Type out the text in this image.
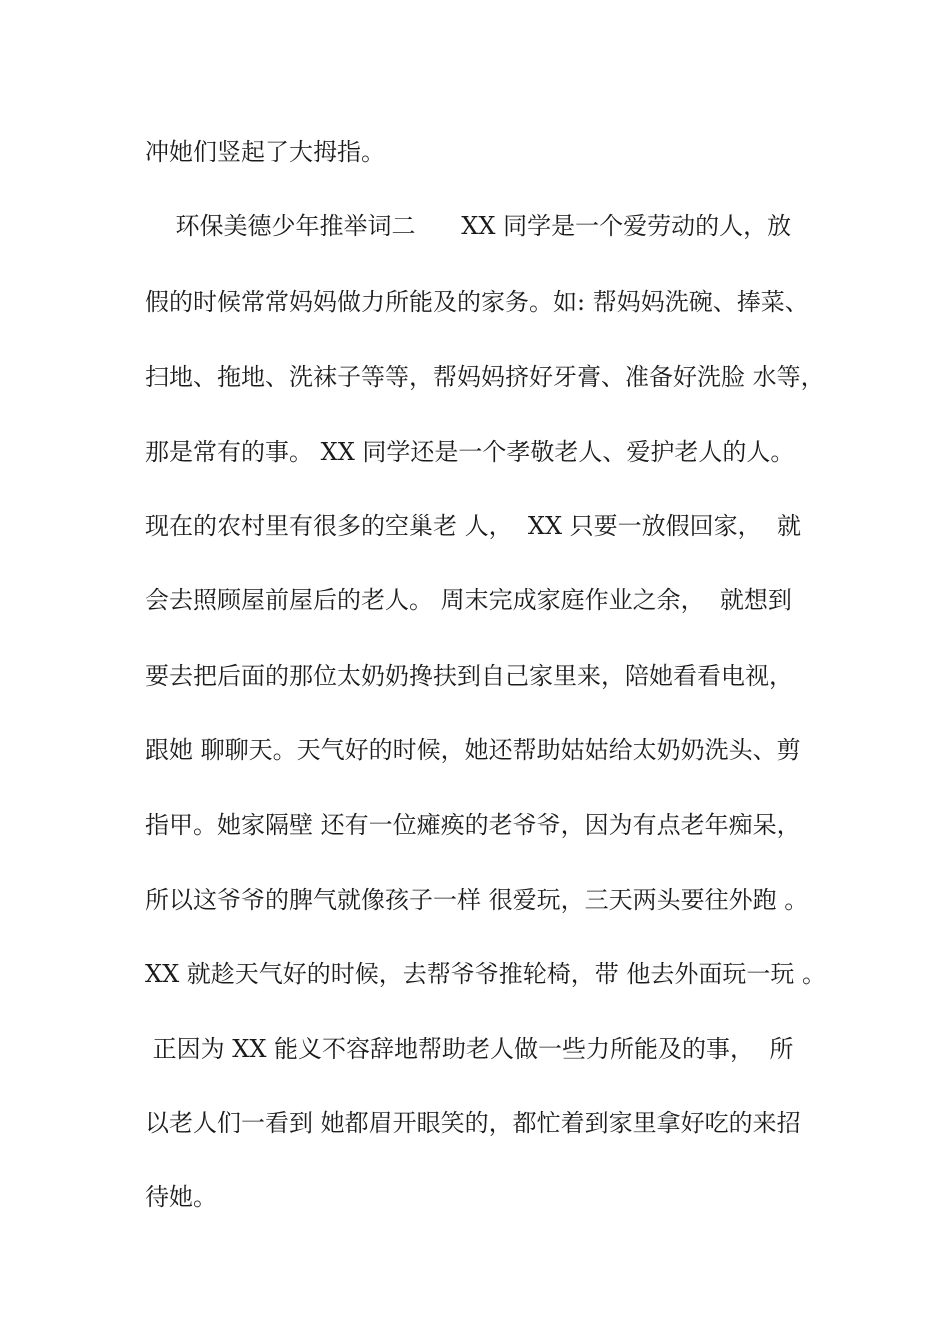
冲她们竖起了大拇指。
环保美德少年推举词二      XX 同学是一个爱劳动的人，放
假的时候常常妈妈做力所能及的家务。如: 帮妈妈洗碗、捧菜、
扫地、拖地、洗袜子等等，帮妈妈挤好牙膏、准备好洗脸 水等，
那是常有的事。 XX 同学还是一个孝敬老人、爱护老人的人。
现在的农村里有很多的空巢老 人，  XX 只要一放假回家，  就
会去照顾屋前屋后的老人。 周末完成家庭作业之余，  就想到
要去把后面的那位太奶奶搀扶到自己家里来，陪她看看电视，
跟她 聊聊天。天气好的时候，她还帮助姑姑给太奶奶洗头、剪
指甲。她家隔壁 还有一位瘫痪的老爷爷，因为有点老年痴呆，
所以这爷爷的脾气就像孩子一样 很爱玩，三天两头要往外跑 。
XX 就趁天气好的时候，去帮爷爷推轮椅，带 他去外面玩一玩 。
正因为 XX 能义不容辞地帮助老人做一些力所能及的事，  所
以老人们一看到 她都眉开眼笑的，都忙着到家里拿好吃的来招
待她。
